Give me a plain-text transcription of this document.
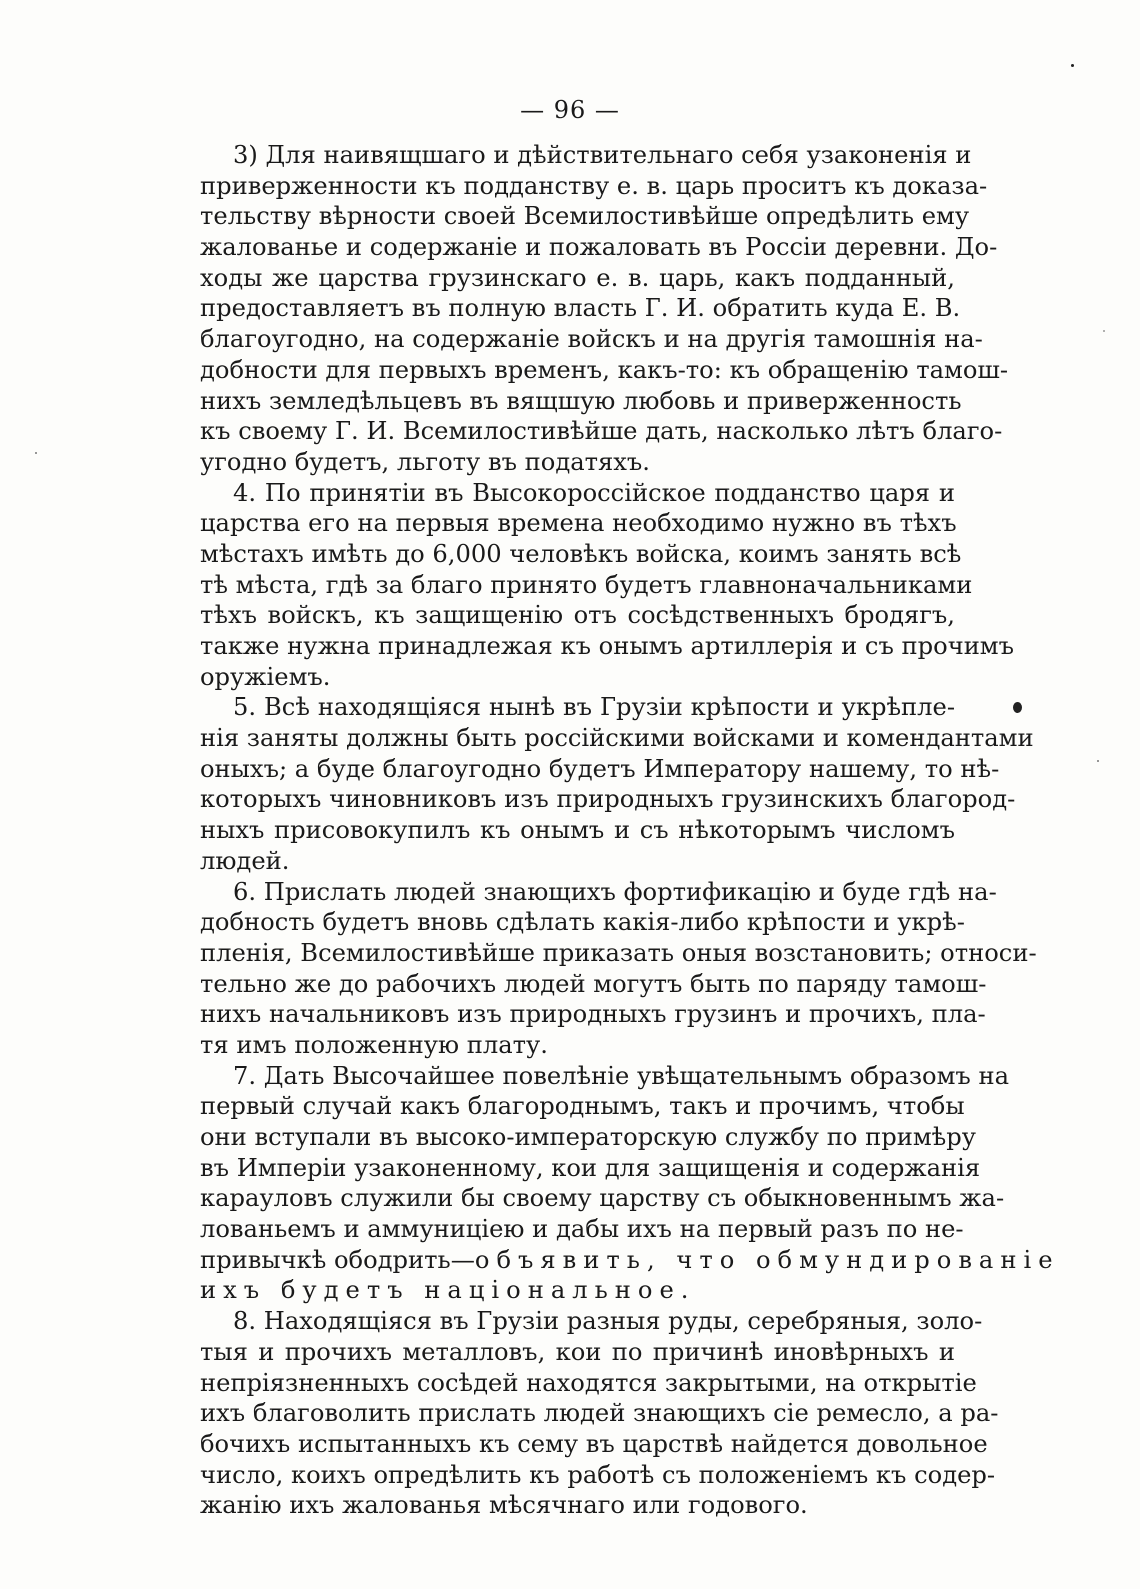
— 96 —
3) Для наивящшаго и дѣйствительнаго себя узаконенія и
приверженности къ подданству е. в. царь проситъ къ доказа-
тельству вѣрности своей Всемилостивѣйше опредѣлить ему
жалованье и содержаніе и пожаловать въ Россіи деревни. До-
ходы же царства грузинскаго е. в. царь, какъ подданный,
предоставляетъ въ полную власть Г. И. обратить куда Е. В.
благоугодно, на содержаніе войскъ и на другія тамошнія на-
добности для первыхъ временъ, какъ-то: къ обращенію тамош-
нихъ земледѣльцевъ въ вящшую любовь и приверженность
къ своему Г. И. Всемилостивѣйше дать, насколько лѣтъ благо-
угодно будетъ, льготу въ податяхъ.
4. По принятіи въ Высокороссійское подданство царя и
царства его на первыя времена необходимо нужно въ тѣхъ
мѣстахъ имѣть до 6,000 человѣкъ войска, коимъ занять всѣ
тѣ мѣста, гдѣ за благо принято будетъ главноначальниками
тѣхъ войскъ, къ защищенію отъ сосѣдственныхъ бродягъ,
также нужна принадлежая къ онымъ артиллерія и съ прочимъ
оружіемъ.
5. Всѣ находящіяся нынѣ въ Грузіи крѣпости и укрѣпле-
нія заняты должны быть россійскими войсками и комендантами
оныхъ; а буде благоугодно будетъ Императору нашему, то нѣ-
которыхъ чиновниковъ изъ природныхъ грузинскихъ благород-
ныхъ присовокупилъ къ онымъ и съ нѣкоторымъ числомъ
людей.
6. Прислать людей знающихъ фортификацію и буде гдѣ на-
добность будетъ вновь сдѣлать какія-либо крѣпости и укрѣ-
пленія, Всемилостивѣйше приказать оныя возстановить; относи-
тельно же до рабочихъ людей могутъ быть по паряду тамош-
нихъ начальниковъ изъ природныхъ грузинъ и прочихъ, пла-
тя имъ положенную плату.
7. Дать Высочайшее повелѣніе увѣщательнымъ образомъ на
первый случай какъ благороднымъ, такъ и прочимъ, чтобы
они вступали въ высоко-императорскую службу по примѣру
въ Имперіи узаконенному, кои для защищенія и содержанія
карауловъ служили бы своему царству съ обыкновеннымъ жа-
лованьемъ и аммуниціею и дабы ихъ на первый разъ по не-
привычкѣ ободрить—объявить, что обмундированіе
ихъ будетъ національное.
8. Находящіяся въ Грузіи разныя руды, серебряныя, золо-
тыя и прочихъ металловъ, кои по причинѣ иновѣрныхъ и
непріязненныхъ сосѣдей находятся закрытыми, на открытіе
ихъ благоволить прислать людей знающихъ сіе ремесло, а ра-
бочихъ испытанныхъ къ сему въ царствѣ найдется довольное
число, коихъ опредѣлить къ работѣ съ положеніемъ къ содер-
жанію ихъ жалованья мѣсячнаго или годового.
